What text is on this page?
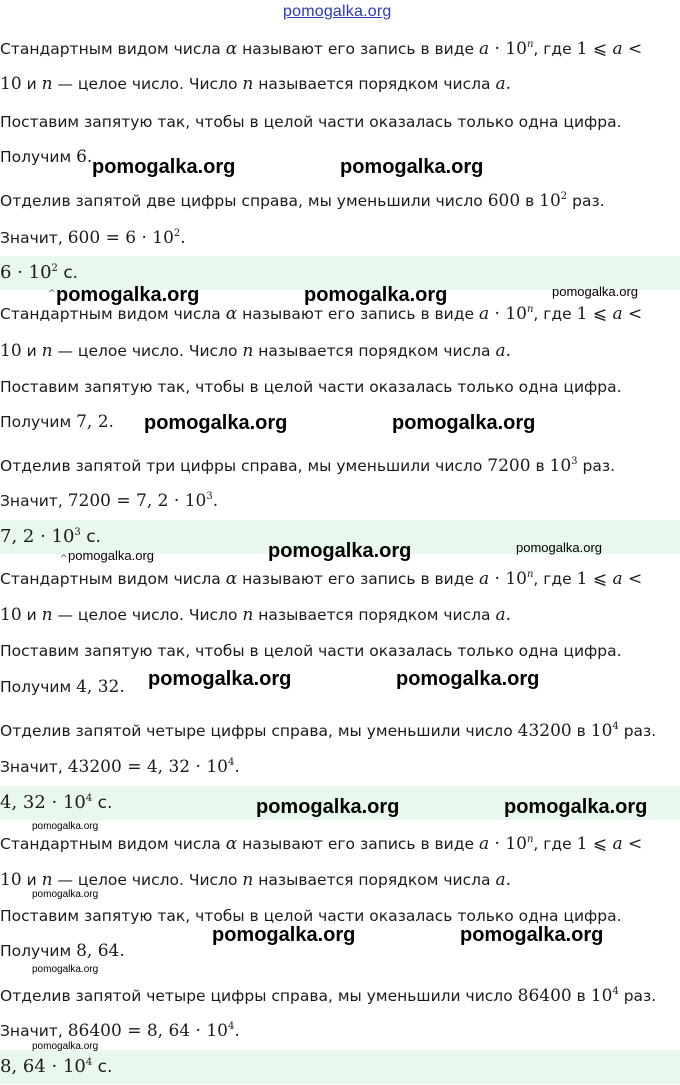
pomogalka.org
Стандартным видом числа α называют его запись в виде $a \cdot 10^n$, где 1 ⩽ a <
10 и n — целое число. Число n называется порядком числа a.
Поставим запятую так, чтобы в целой части оказалась только одна цифра.
Получим 6.
Отделив запятой две цифры справа, мы уменьшили число 600 в $10^2$ раз.
Значит, $600 = 6 \cdot 10^2$.
$6 \cdot 10^2$ с.
Стандартным видом числа α называют его запись в виде $a \cdot 10^n$, где 1 ⩽ a <
10 и n — целое число. Число n называется порядком числа a.
Поставим запятую так, чтобы в целой части оказалась только одна цифра.
Получим 7, 2.
Отделив запятой три цифры справа, мы уменьшили число 7200 в $10^3$ раз.
Значит, 7200 = 7, $2 \cdot 10^3$.
7, $2 \cdot 10^3$ с.
Стандартным видом числа α называют его запись в виде $a \cdot 10^n$, где 1 ⩽ a <
10 и n — целое число. Число n называется порядком числа a.
Поставим запятую так, чтобы в целой части оказалась только одна цифра.
Получим 4, 32.
Отделив запятой четыре цифры справа, мы уменьшили число 43200 в $10^4$ раз.
Значит, 43200 = 4, $32 \cdot 10^4$.
4, $32 \cdot 10^4$ с.
Стандартным видом числа α называют его запись в виде $a \cdot 10^n$, где 1 ⩽ a <
10 и n — целое число. Число n называется порядком числа a.
Поставим запятую так, чтобы в целой части оказалась только одна цифра.
Получим 8, 64.
Отделив запятой четыре цифры справа, мы уменьшили число 86400 в $10^4$ раз.
Значит, 86400 = 8, $64 \cdot 10^4$.
8, $64 \cdot 10^4$ с.
pomogalka.org	pomogalka.org
^ pomogalka.org	pomogalka.org	pomogalka.org
pomogalka.org	pomogalka.org
^ pomogalka.org	pomogalka.org	pomogalka.org
pomogalka.org	pomogalka.org
pomogalka.org	pomogalka.org
pomogalka.org
pomogalka.org
pomogalka.org	pomogalka.org
pomogalka.org
pomogalka.org
